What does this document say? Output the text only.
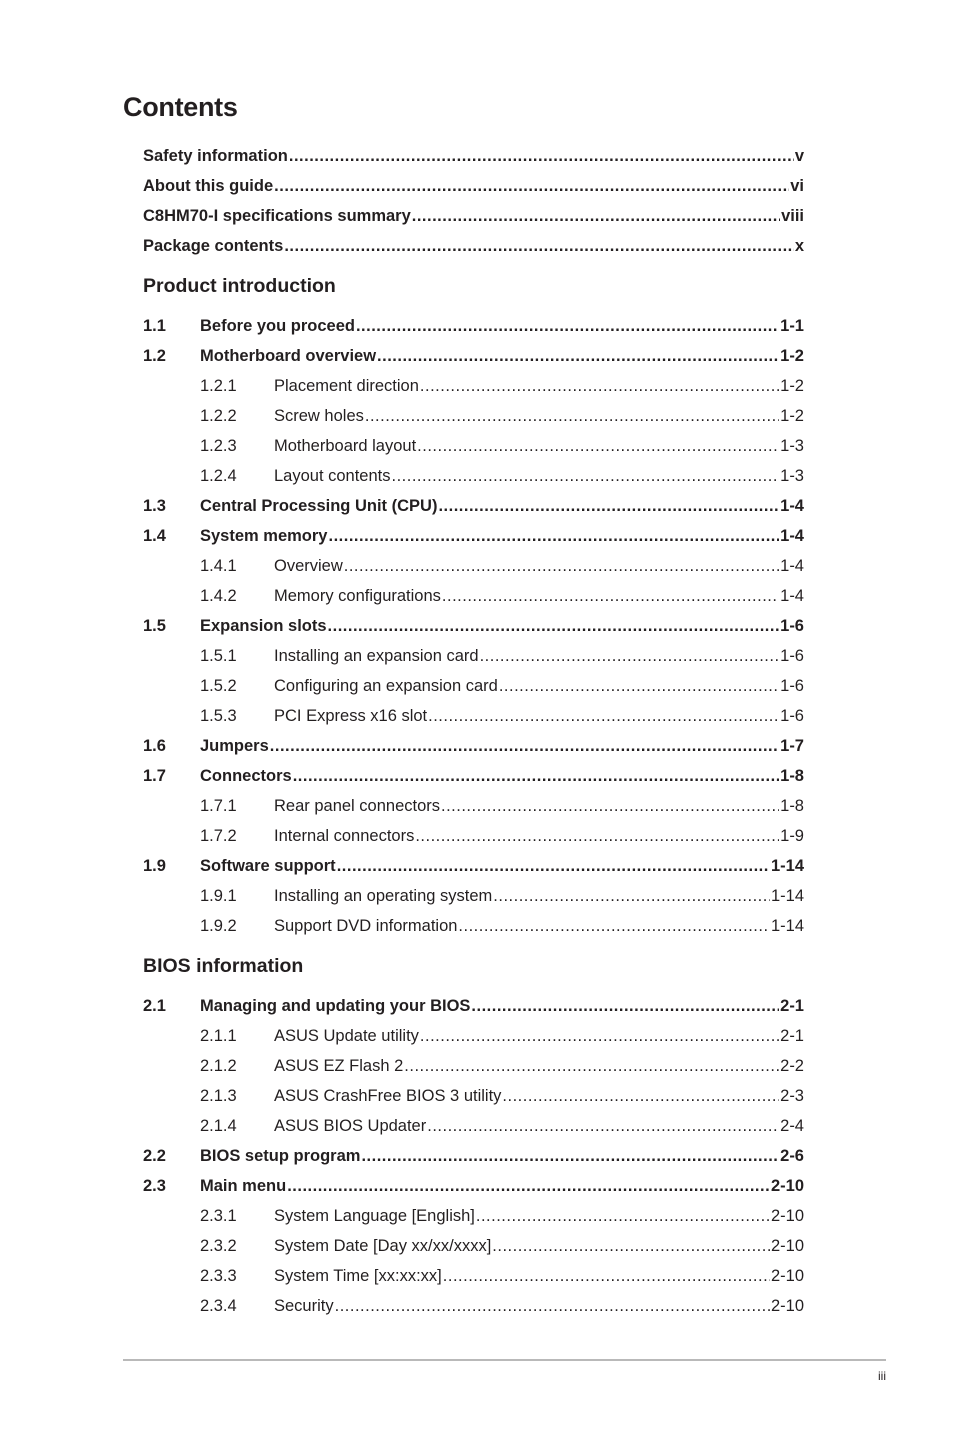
Contents
Safety information .....	v
About this guide .....	vi
C8HM70-I specifications summary .....	viii
Package contents .....	x
Product introduction
1.1	Before you proceed .....	1-1
1.2	Motherboard overview .....	1-2
1.2.1	Placement direction .....	1-2
1.2.2	Screw holes .....	1-2
1.2.3	Motherboard layout .....	1-3
1.2.4	Layout contents .....	1-3
1.3	Central Processing Unit (CPU) .....	1-4
1.4	System memory .....	1-4
1.4.1	Overview .....	1-4
1.4.2	Memory configurations .....	1-4
1.5	Expansion slots .....	1-6
1.5.1	Installing an expansion card .....	1-6
1.5.2	Configuring an expansion card .....	1-6
1.5.3	PCI Express x16 slot .....	1-6
1.6	Jumpers .....	1-7
1.7	Connectors .....	1-8
1.7.1	Rear panel connectors .....	1-8
1.7.2	Internal connectors .....	1-9
1.9	Software support .....	1-14
1.9.1	Installing an operating system .....	1-14
1.9.2	Support DVD information .....	1-14
BIOS information
2.1	Managing and updating your BIOS .....	2-1
2.1.1	ASUS Update utility .....	2-1
2.1.2	ASUS EZ Flash 2 .....	2-2
2.1.3	ASUS CrashFree BIOS 3 utility .....	2-3
2.1.4	ASUS BIOS Updater .....	2-4
2.2	BIOS setup program .....	2-6
2.3	Main menu .....	2-10
2.3.1	System Language [English] .....	2-10
2.3.2	System Date [Day xx/xx/xxxx] .....	2-10
2.3.3	System Time [xx:xx:xx] .....	2-10
2.3.4	Security .....	2-10
iii
